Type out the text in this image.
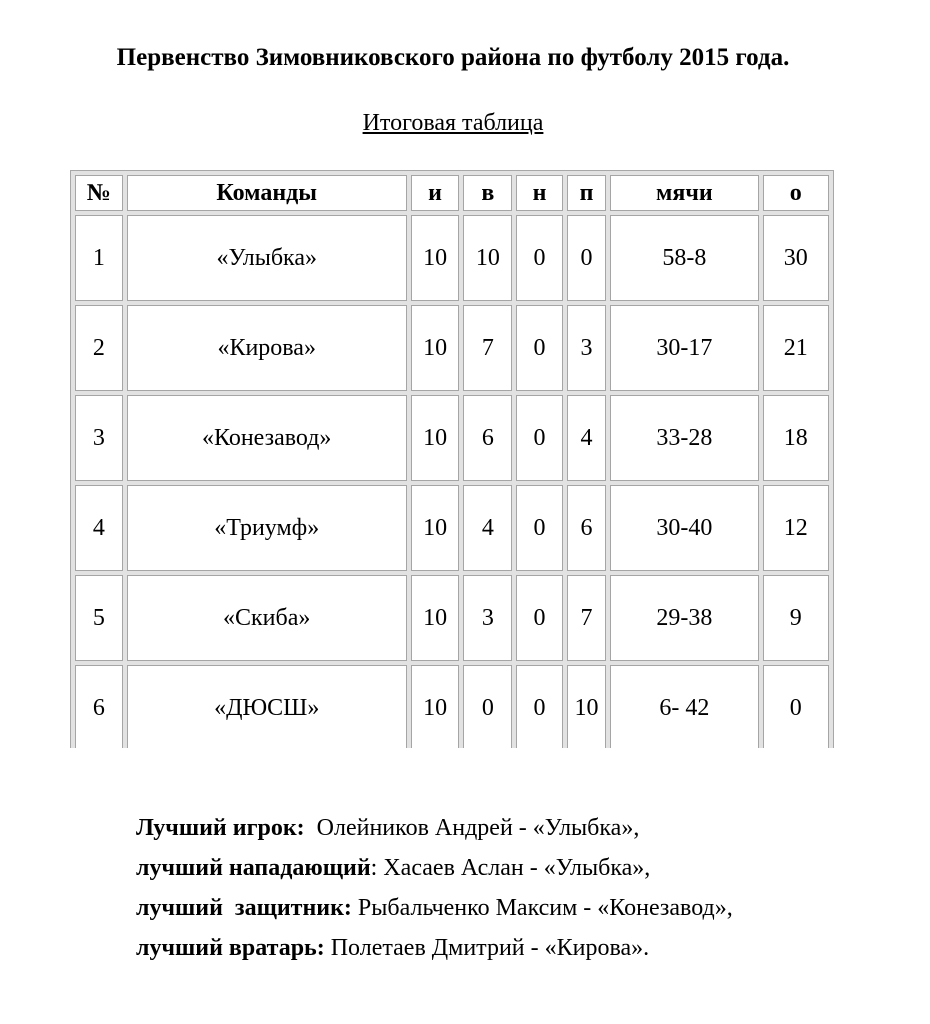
Первенство Зимовниковского района по футболу 2015 года.
Итоговая таблица
№	Команды	и	в	н	п	мячи	о
1	«Улыбка»	10	10	0	0	58-8	30
2	«Кирова»	10	7	0	3	30-17	21
3	«Конезавод»	10	6	0	4	33-28	18
4	«Триумф»	10	4	0	6	30-40	12
5	«Скиба»	10	3	0	7	29-38	9
6	«ДЮСШ»	10	0	0	10	6- 42	0
Лучший игрок: Олейников Андрей - «Улыбка»,
лучший нападающий: Хасаев Аслан - «Улыбка»,
лучший  защитник: Рыбальченко Максим - «Конезавод»,
лучший вратарь: Полетаев Дмитрий - «Кирова».
